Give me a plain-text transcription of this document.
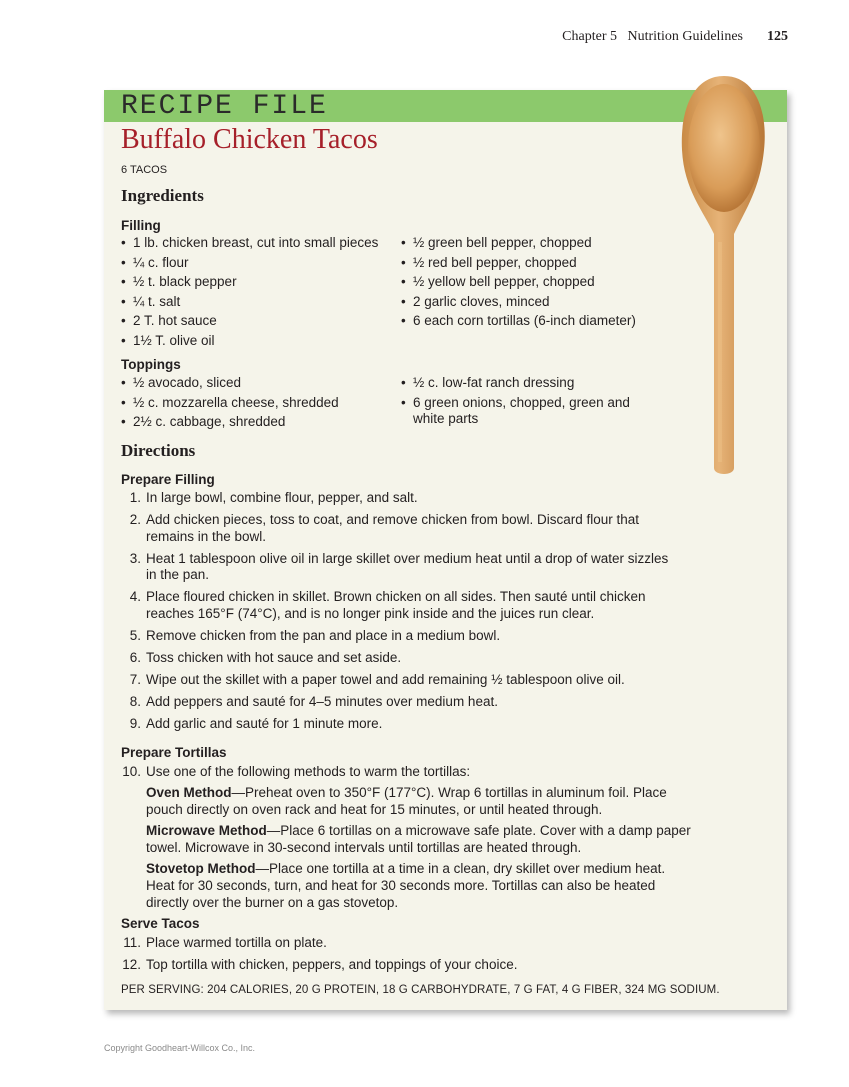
Chapter 5 Nutrition Guidelines 125
RECIPE FILE
Buffalo Chicken Tacos
6 TACOS
Ingredients
Filling
• 1 lb. chicken breast, cut into small pieces
• ¼ c. flour
• ½ t. black pepper
• ¼ t. salt
• 2 T. hot sauce
• 1½ T. olive oil
• ½ green bell pepper, chopped
• ½ red bell pepper, chopped
• ½ yellow bell pepper, chopped
• 2 garlic cloves, minced
• 6 each corn tortillas (6-inch diameter)
Toppings
• ½ avocado, sliced
• ½ c. mozzarella cheese, shredded
• 2½ c. cabbage, shredded
• ½ c. low-fat ranch dressing
• 6 green onions, chopped, green and white parts
Directions
Prepare Filling
1. In large bowl, combine flour, pepper, and salt.
2. Add chicken pieces, toss to coat, and remove chicken from bowl. Discard flour that remains in the bowl.
3. Heat 1 tablespoon olive oil in large skillet over medium heat until a drop of water sizzles in the pan.
4. Place floured chicken in skillet. Brown chicken on all sides. Then sauté until chicken reaches 165°F (74°C), and is no longer pink inside and the juices run clear.
5. Remove chicken from the pan and place in a medium bowl.
6. Toss chicken with hot sauce and set aside.
7. Wipe out the skillet with a paper towel and add remaining ½ tablespoon olive oil.
8. Add peppers and sauté for 4–5 minutes over medium heat.
9. Add garlic and sauté for 1 minute more.
Prepare Tortillas
10. Use one of the following methods to warm the tortillas:
Oven Method—Preheat oven to 350°F (177°C). Wrap 6 tortillas in aluminum foil. Place pouch directly on oven rack and heat for 15 minutes, or until heated through.
Microwave Method—Place 6 tortillas on a microwave safe plate. Cover with a damp paper towel. Microwave in 30-second intervals until tortillas are heated through.
Stovetop Method—Place one tortilla at a time in a clean, dry skillet over medium heat. Heat for 30 seconds, turn, and heat for 30 seconds more. Tortillas can also be heated directly over the burner on a gas stovetop.
Serve Tacos
11. Place warmed tortilla on plate.
12. Top tortilla with chicken, peppers, and toppings of your choice.
PER SERVING: 204 CALORIES, 20 G PROTEIN, 18 G CARBOHYDRATE, 7 G FAT, 4 G FIBER, 324 MG SODIUM.
Copyright Goodheart-Willcox Co., Inc.
